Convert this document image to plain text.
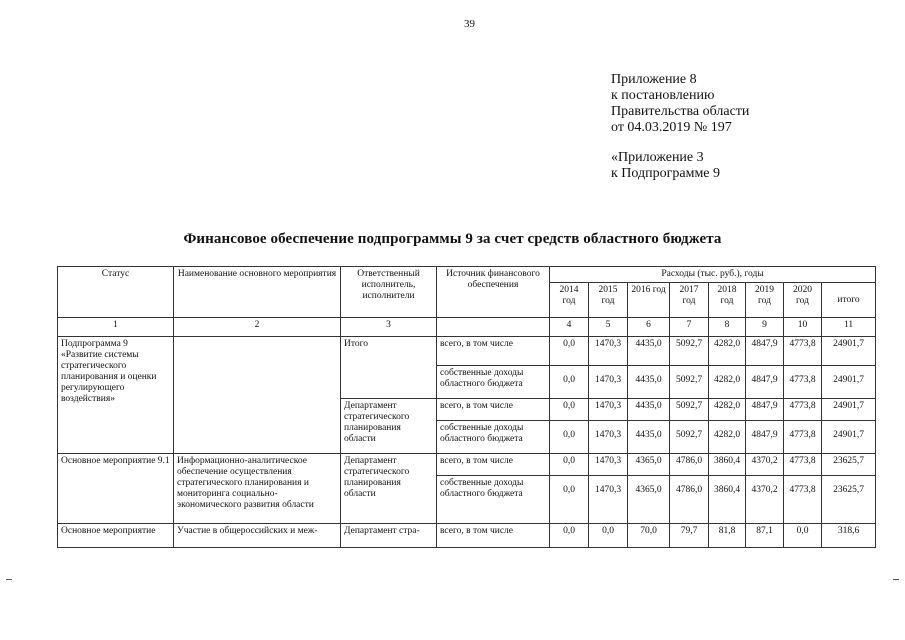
39
Приложение 8
к постановлению
Правительства области
от 04.03.2019 № 197
«Приложение 3
к Подпрограмме 9
Финансовое обеспечение подпрограммы 9 за счет средств областного бюджета
Статус	Наименование основного мероприятия	Ответственный исполнитель, исполнители	Источник финансового обеспечения	Расходы (тыс. руб.), годы							
				2014 год	2015 год	2016 год	2017 год	2018 год	2019 год	2020 год	итого
1	2	3		4	5	6	7	8	9	10	11
Подпрограмма 9 «Развитие системы стратегического планирования и оценки регулирующего воздействия»		Итого	всего, в том числе	0,0	1470,3	4435,0	5092,7	4282,0	4847,9	4773,8	24901,7
			собственные доходы областного бюджета	0,0	1470,3	4435,0	5092,7	4282,0	4847,9	4773,8	24901,7
		Департамент стратегического планирования области	всего, в том числе	0,0	1470,3	4435,0	5092,7	4282,0	4847,9	4773,8	24901,7
			собственные доходы областного бюджета	0,0	1470,3	4435,0	5092,7	4282,0	4847,9	4773,8	24901,7
Основное мероприятие 9.1	Информационно-аналитическое обеспечение осуществления стратегического планирования и мониторинга социально-экономического развития области	Департамент стратегического планирования области	всего, в том числе	0,0	1470,3	4365,0	4786,0	3860,4	4370,2	4773,8	23625,7
			собственные доходы областного бюджета	0,0	1470,3	4365,0	4786,0	3860,4	4370,2	4773,8	23625,7
Основное мероприятие	Участие в общероссийских и меж-	Департамент стра-	всего, в том числе	0,0	0,0	70,0	79,7	81,8	87,1	0,0	318,6
